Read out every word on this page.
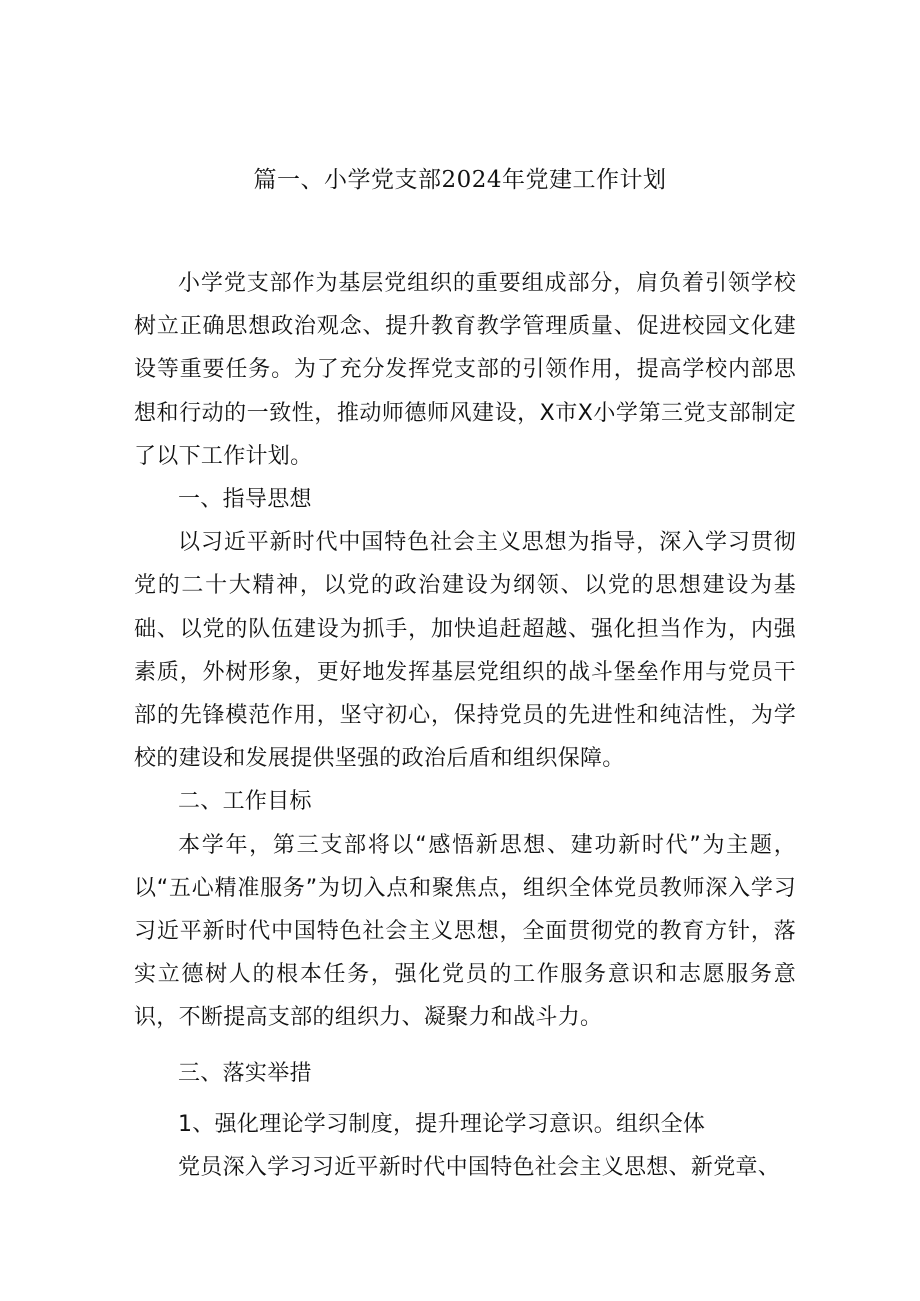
篇一、小学党支部2024年党建工作计划

小学党支部作为基层党组织的重要组成部分，肩负着引领学校树立正确思想政治观念、提升教育教学管理质量、促进校园文化建设等重要任务。为了充分发挥党支部的引领作用，提高学校内部思想和行动的一致性，推动师德师风建设，X市X小学第三党支部制定了以下工作计划。

一、指导思想

以习近平新时代中国特色社会主义思想为指导，深入学习贯彻党的二十大精神，以党的政治建设为纲领、以党的思想建设为基础、以党的队伍建设为抓手，加快追赶超越、强化担当作为，内强素质，外树形象，更好地发挥基层党组织的战斗堡垒作用与党员干部的先锋模范作用，坚守初心，保持党员的先进性和纯洁性，为学校的建设和发展提供坚强的政治后盾和组织保障。

二、工作目标

本学年，第三支部将以“感悟新思想、建功新时代”为主题，以“五心精准服务”为切入点和聚焦点，组织全体党员教师深入学习习近平新时代中国特色社会主义思想，全面贯彻党的教育方针，落实立德树人的根本任务，强化党员的工作服务意识和志愿服务意识，不断提高支部的组织力、凝聚力和战斗力。

三、落实举措

1、强化理论学习制度，提升理论学习意识。组织全体

党员深入学习习近平新时代中国特色社会主义思想、新党章、
